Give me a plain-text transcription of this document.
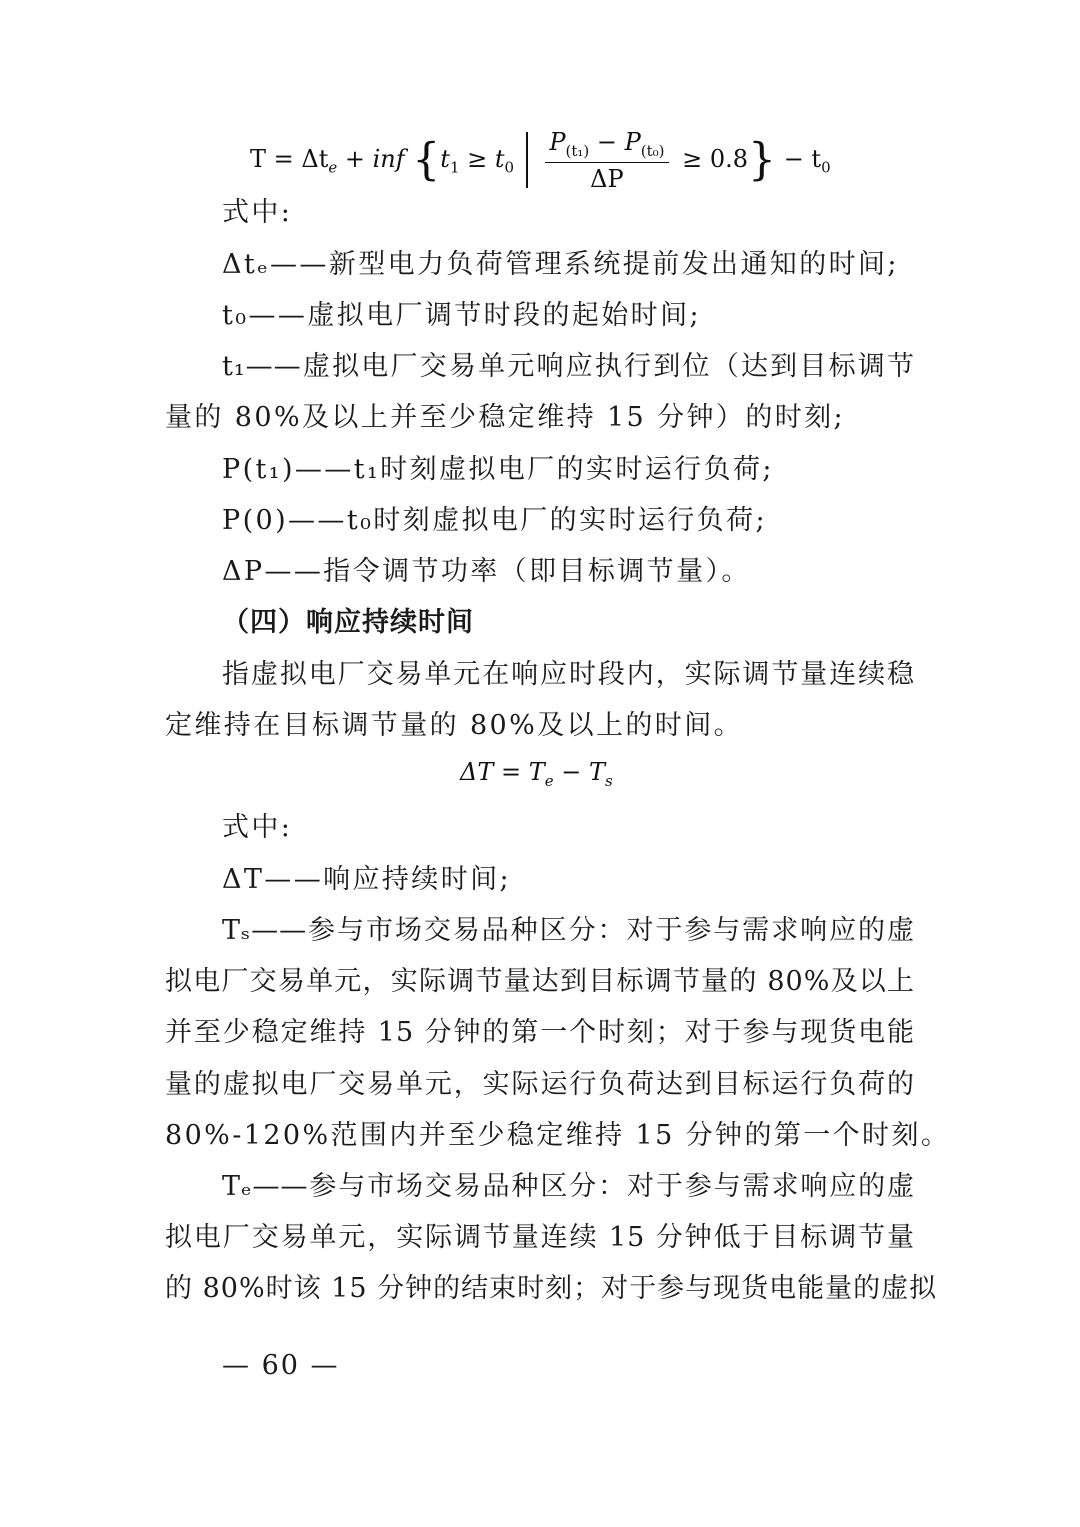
$T = \Delta t_e$ + inf $\{t_1 \ge t_0 \frac{P_{(t_1)} - P_{(t_0)}}{\Delta P} \ge 0.8\} - t_0$
式中:
Δtₑ——新型电力负荷管理系统提前发出通知的时间;
t₀——虚拟电厂调节时段的起始时间;
t₁——虚拟电厂交易单元响应执行到位（达到目标调节
量的 80%及以上并至少稳定维持 15 分钟）的时刻;
P(t₁)——t₁时刻虚拟电厂的实时运行负荷;
P(0)——t₀时刻虚拟电厂的实时运行负荷;
ΔP——指令调节功率（即目标调节量）。
（四）响应持续时间
指虚拟电厂交易单元在响应时段内，实际调节量连续稳
定维持在目标调节量的 80%及以上的时间。
$\Delta T = T_e - T_s$
式中:
ΔT——响应持续时间;
Tₛ——参与市场交易品种区分：对于参与需求响应的虚
拟电厂交易单元，实际调节量达到目标调节量的 80%及以上
并至少稳定维持 15 分钟的第一个时刻；对于参与现货电能
量的虚拟电厂交易单元，实际运行负荷达到目标运行负荷的
80%-120%范围内并至少稳定维持 15 分钟的第一个时刻。
Tₑ——参与市场交易品种区分：对于参与需求响应的虚
拟电厂交易单元，实际调节量连续 15 分钟低于目标调节量
的 80%时该 15 分钟的结束时刻；对于参与现货电能量的虚拟
— 60 —
